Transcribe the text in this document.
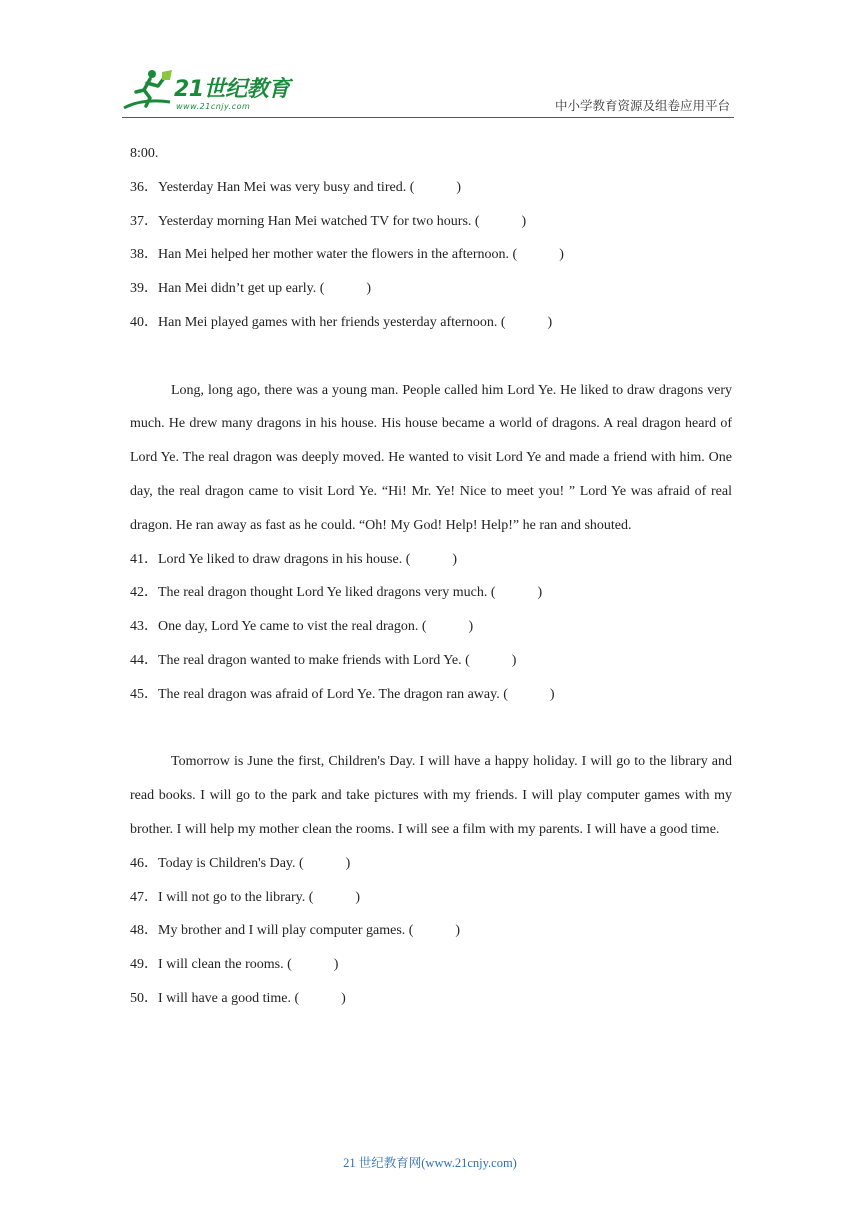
21世纪教育
www.21cnjy.com	中小学教育资源及组卷应用平台
8:00.
36．Yesterday Han Mei was very busy and tired. (　　　)
37．Yesterday morning Han Mei watched TV for two hours. (　　　)
38．Han Mei helped her mother water the flowers in the afternoon. (　　　)
39．Han Mei didn’t get up early. (　　　)
40．Han Mei played games with her friends yesterday afternoon. (　　　)

Long, long ago, there was a young man. People called him Lord Ye. He liked to draw dragons very much. He drew many dragons in his house. His house became a world of dragons. A real dragon heard of Lord Ye. The real dragon was deeply moved. He wanted to visit Lord Ye and made a friend with him. One day, the real dragon came to visit Lord Ye. “Hi! Mr. Ye! Nice to meet you! ” Lord Ye was afraid of real dragon. He ran away as fast as he could. “Oh! My God! Help! Help!” he ran and shouted.

41．Lord Ye liked to draw dragons in his house. (　　　)
42．The real dragon thought Lord Ye liked dragons very much. (　　　)
43．One day, Lord Ye came to vist the real dragon. (　　　)
44．The real dragon wanted to make friends with Lord Ye. (　　　)
45．The real dragon was afraid of Lord Ye. The dragon ran away. (　　　)

Tomorrow is June the first, Children's Day. I will have a happy holiday. I will go to the library and read books. I will go to the park and take pictures with my friends. I will play computer games with my brother. I will help my mother clean the rooms. I will see a film with my parents. I will have a good time.

46．Today is Children's Day. (　　　)
47．I will not go to the library. (　　　)
48．My brother and I will play computer games. (　　　)
49．I will clean the rooms. (　　　)
50．I will have a good time. (　　　)
21 世纪教育网(www.21cnjy.com)
